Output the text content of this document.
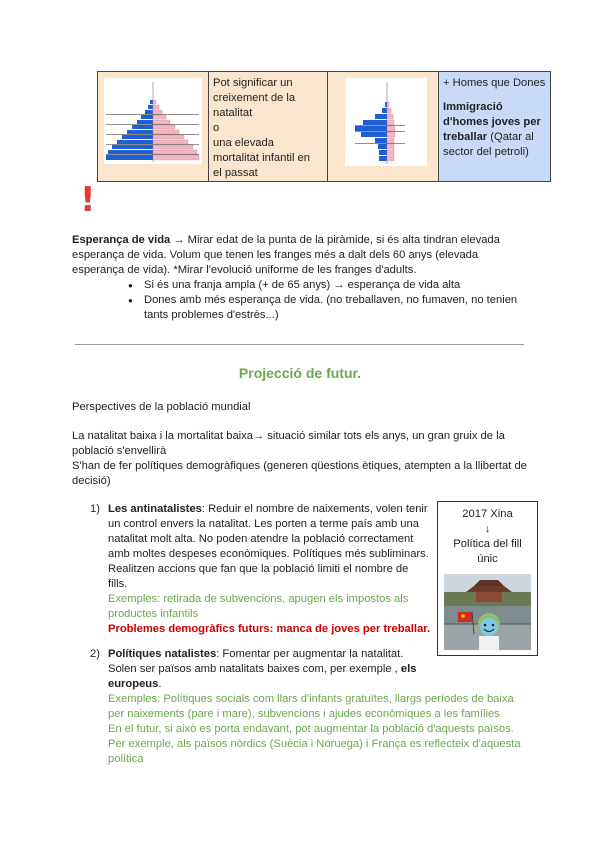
Pot significar un
creixement de la
natalitat
o
una elevada
mortalitat infantil en
el passat

+ Homes que Dones
Immigració
d'homes joves per
treballar (Qatar al
sector del petroli)
!
Esperança de vida → Mirar edat de la punta de la piràmide, si és alta tindran elevada
esperança de vida. Volum que tenen les franges més a dalt dels 60 anys (elevada
esperança de vida). *Mirar l'evolució uniforme de les franges d'adults.
● Si és una franja ampla (+ de 65 anys) → esperança de vida alta
● Dones amb més esperança de vida. (no treballaven, no fumaven, no tenien
tants problemes d'estrès...)
Projecció de futur.
Perspectives de la població mundial
La natalitat baixa i la mortalitat baixa→ situació similar tots els anys, un gran gruix de la
població s'envellirà
S'han de fer polítiques demogràfiques (generen qüestions ètiques, atempten a la llibertat de
decisió)
1) Les antinatalistes: Reduir el nombre de naixements, volen tenir
un control envers la natalitat. Les porten a terme país amb una
natalitat molt alta. No poden atendre la població correctament
amb moltes despeses econòmiques. Polítiques més subliminars.
Realitzen accions que fan que la població limiti el nombre de
fills.
Exemples: retirada de subvencions, apugen els impostos als
productes infantils
Problemes demogràfics futurs: manca de joves per treballar.
2017 Xina
↓
Política del fill
únic
2) Polítiques natalistes: Fomentar per augmentar la natalitat.
Solen ser països amb natalitats baixes com, per exemple , els
europeus.
Exemples: Polítiques socials com llars d'infants gratuïtes, llargs períodes de baixa
per naixements (pare i mare), subvencions i ajudes econòmiques a les famílies
En el futur, si això es porta endavant, pot augmentar la població d'aquests països.
Per exemple, als països nòrdics (Suècia i Noruega) i França es reflecteix d'aquesta
política
